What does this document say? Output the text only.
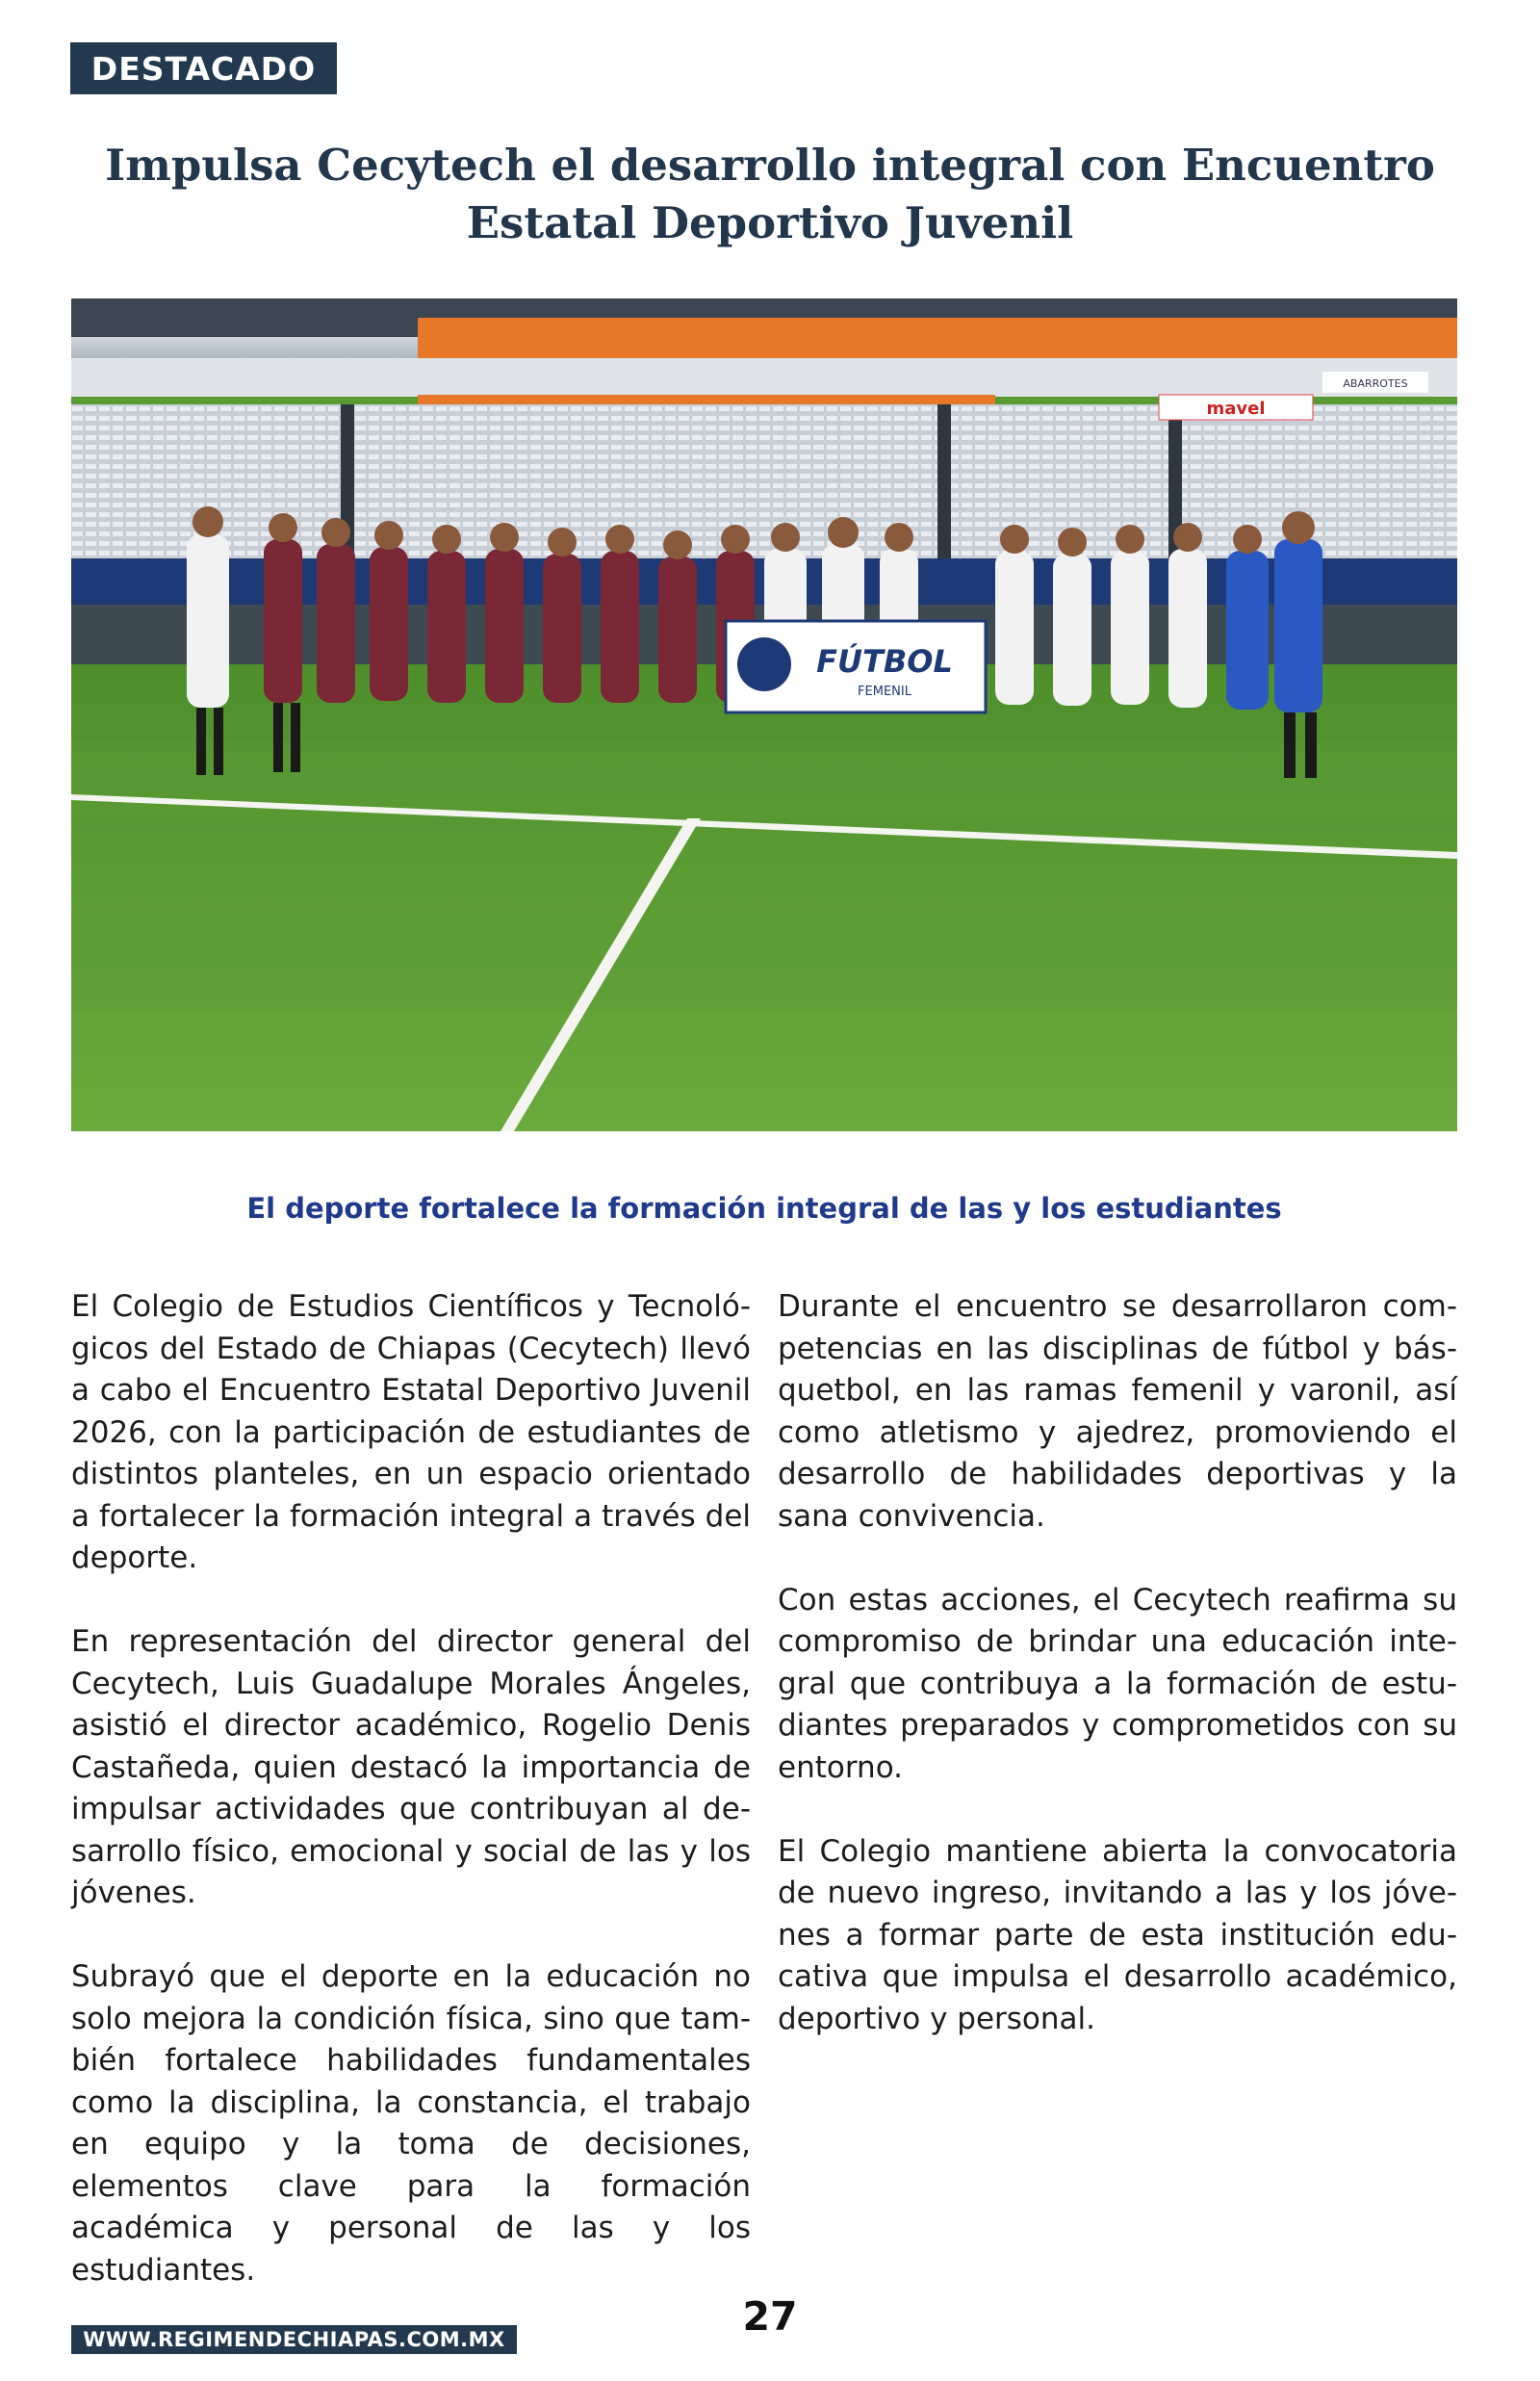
DESTACADO
Impulsa Cecytech el desarrollo integral con Encuentro Estatal Deportivo Juvenil
mavel
ABARROTES
FÚTBOL
FEMENIL
El deporte fortalece la formación integral de las y los estudiantes

El Colegio de Estudios Científicos y Tecnológicos del Estado de Chiapas (Cecytech) llevó a cabo el Encuentro Estatal Deportivo Juvenil 2026, con la participación de estudiantes de distintos planteles, en un espacio orientado a fortalecer la formación integral a través del deporte.

En representación del director general del Cecytech, Luis Guadalupe Morales Ángeles, asistió el director académico, Rogelio Denis Castañeda, quien destacó la importancia de impulsar actividades que contribuyan al desarrollo físico, emocional y social de las y los jóvenes.

Subrayó que el deporte en la educación no solo mejora la condición física, sino que también fortalece habilidades fundamentales como la disciplina, la constancia, el trabajo en equipo y la toma de decisiones, elementos clave para la formación académica y personal de las y los estudiantes.

Durante el encuentro se desarrollaron competencias en las disciplinas de fútbol y básquetbol, en las ramas femenil y varonil, así como atletismo y ajedrez, promoviendo el desarrollo de habilidades deportivas y la sana convivencia.

Con estas acciones, el Cecytech reafirma su compromiso de brindar una educación integral que contribuya a la formación de estudiantes preparados y comprometidos con su entorno.

El Colegio mantiene abierta la convocatoria de nuevo ingreso, invitando a las y los jóvenes a formar parte de esta institución educativa que impulsa el desarrollo académico, deportivo y personal.

WWW.REGIMENDECHIAPAS.COM.MX	27
